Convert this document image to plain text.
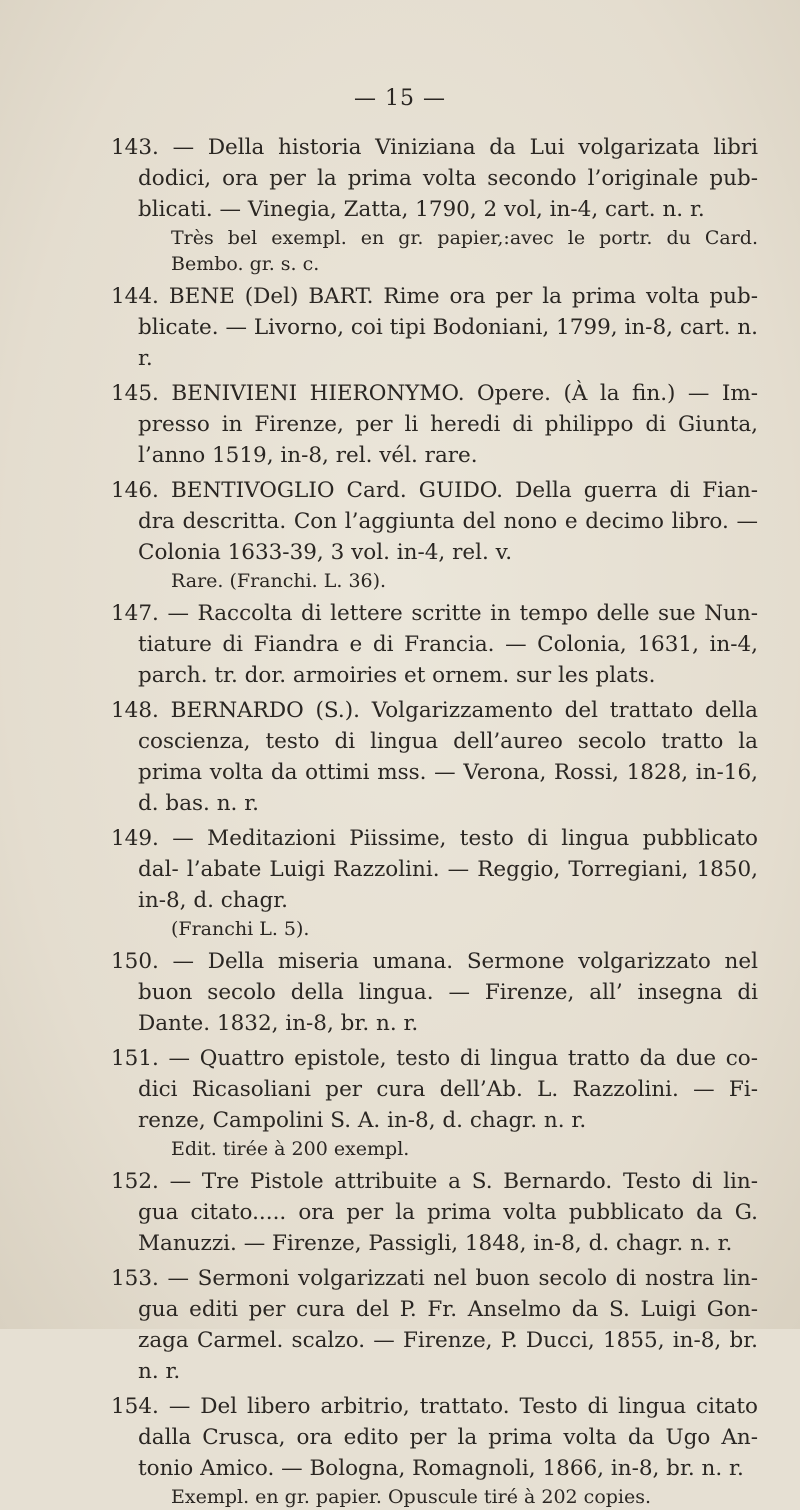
— 15 —

143. — Della historia Viniziana da Lui volgarizata libri dodici, ora per la prima volta secondo l’originale pub- blicati. — Vinegia, Zatta, 1790, 2 vol, in-4, cart. n. r.

Très bel exempl. en gr. papier,:avec le portr. du Card. Bembo. gr. s. c.

144. BENE (Del) BART. Rime ora per la prima volta pub- blicate. — Livorno, coi tipi Bodoniani, 1799, in-8, cart. n. r.

145. BENIVIENI HIERONYMO. Opere. (À la fin.) — Im- presso in Firenze, per li heredi di philippo di Giunta, l’anno 1519, in-8, rel. vél. rare.

146. BENTIVOGLIO Card. GUIDO. Della guerra di Fian- dra descritta. Con l’aggiunta del nono e decimo libro. — Colonia 1633-39, 3 vol. in-4, rel. v.

Rare. (Franchi. L. 36).

147. — Raccolta di lettere scritte in tempo delle sue Nun- tiature di Fiandra e di Francia. — Colonia, 1631, in-4, parch. tr. dor. armoiries et ornem. sur les plats.

148. BERNARDO (S.). Volgarizzamento del trattato della coscienza, testo di lingua dell’aureo secolo tratto la prima volta da ottimi mss. — Verona, Rossi, 1828, in-16, d. bas. n. r.

149. — Meditazioni Piissime, testo di lingua pubblicato dal- l’abate Luigi Razzolini. — Reggio, Torregiani, 1850, in-8, d. chagr.

(Franchi L. 5).

150. — Della miseria umana. Sermone volgarizzato nel buon secolo della lingua. — Firenze, all’ insegna di Dante. 1832, in-8, br. n. r.

151. — Quattro epistole, testo di lingua tratto da due co- dici Ricasoliani per cura dell’Ab. L. Razzolini. — Fi- renze, Campolini S. A. in-8, d. chagr. n. r.

Edit. tirée à 200 exempl.

152. — Tre Pistole attribuite a S. Bernardo. Testo di lin- gua citato..... ora per la prima volta pubblicato da G. Manuzzi. — Firenze, Passigli, 1848, in-8, d. chagr. n. r.

153. — Sermoni volgarizzati nel buon secolo di nostra lin- gua editi per cura del P. Fr. Anselmo da S. Luigi Gon- zaga Carmel. scalzo. — Firenze, P. Ducci, 1855, in-8, br. n. r.

154. — Del libero arbitrio, trattato. Testo di lingua citato dalla Crusca, ora edito per la prima volta da Ugo An- tonio Amico. — Bologna, Romagnoli, 1866, in-8, br. n. r.

Exempl. en gr. papier. Opuscule tiré à 202 copies.
